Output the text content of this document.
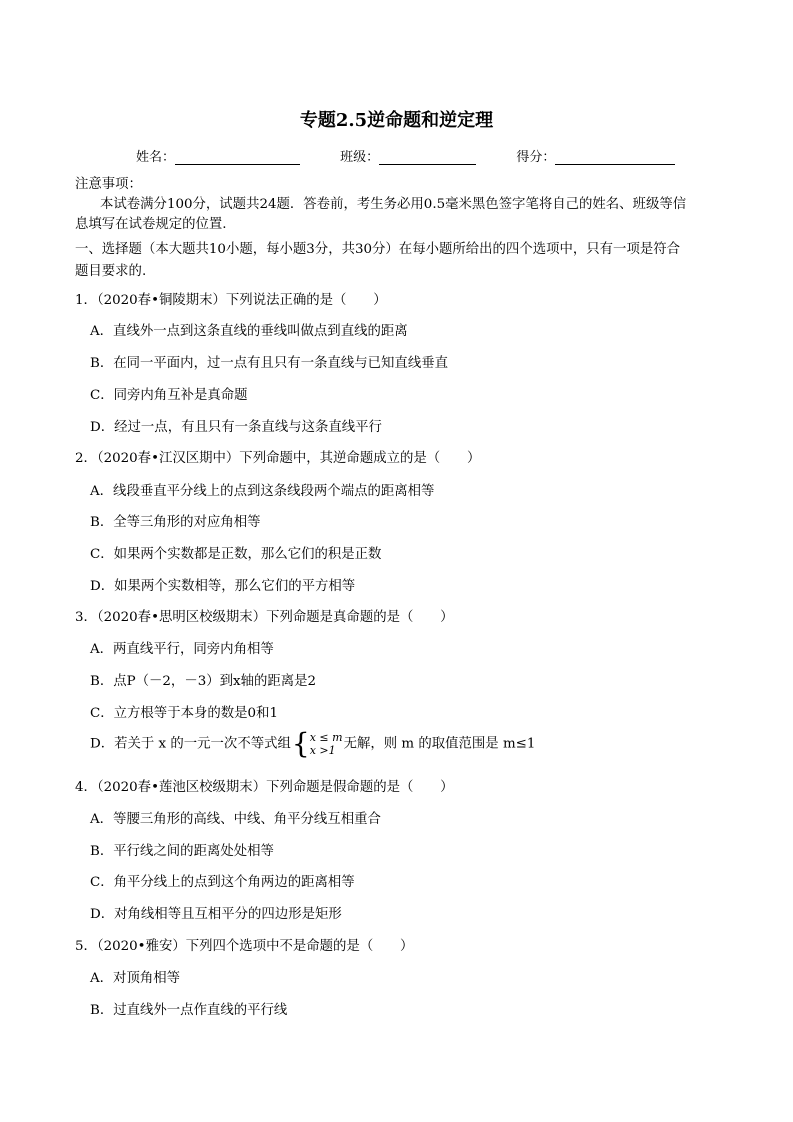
专题2.5逆命题和逆定理
姓名：	班级：	得分：
注意事项：
本试卷满分100分，试题共24题．答卷前，考生务必用0.5毫米黑色签字笔将自己的姓名、班级等信
息填写在试卷规定的位置.
一、选择题（本大题共10小题，每小题3分，共30分）在每小题所给出的四个选项中，只有一项是符合
题目要求的.
1．（2020春•铜陵期末）下列说法正确的是（　　）
A．直线外一点到这条直线的垂线叫做点到直线的距离
B．在同一平面内，过一点有且只有一条直线与已知直线垂直
C．同旁内角互补是真命题
D．经过一点，有且只有一条直线与这条直线平行
2．（2020春•江汉区期中）下列命题中，其逆命题成立的是（　　）
A．线段垂直平分线上的点到这条线段两个端点的距离相等
B．全等三角形的对应角相等
C．如果两个实数都是正数，那么它们的积是正数
D．如果两个实数相等，那么它们的平方相等
3．（2020春•思明区校级期末）下列命题是真命题的是（　　）
A．两直线平行，同旁内角相等
B．点P（－2，－3）到x轴的距离是2
C．立方根等于本身的数是0和1
D．若关于 x 的一元一次不等式组{ x ≤ m
x >1 无解，则 m 的取值范围是 m≤1
4．（2020春•莲池区校级期末）下列命题是假命题的是（　　）
A．等腰三角形的高线、中线、角平分线互相重合
B．平行线之间的距离处处相等
C．角平分线上的点到这个角两边的距离相等
D．对角线相等且互相平分的四边形是矩形
5．（2020•雅安）下列四个选项中不是命题的是（　　）
A．对顶角相等
B．过直线外一点作直线的平行线
